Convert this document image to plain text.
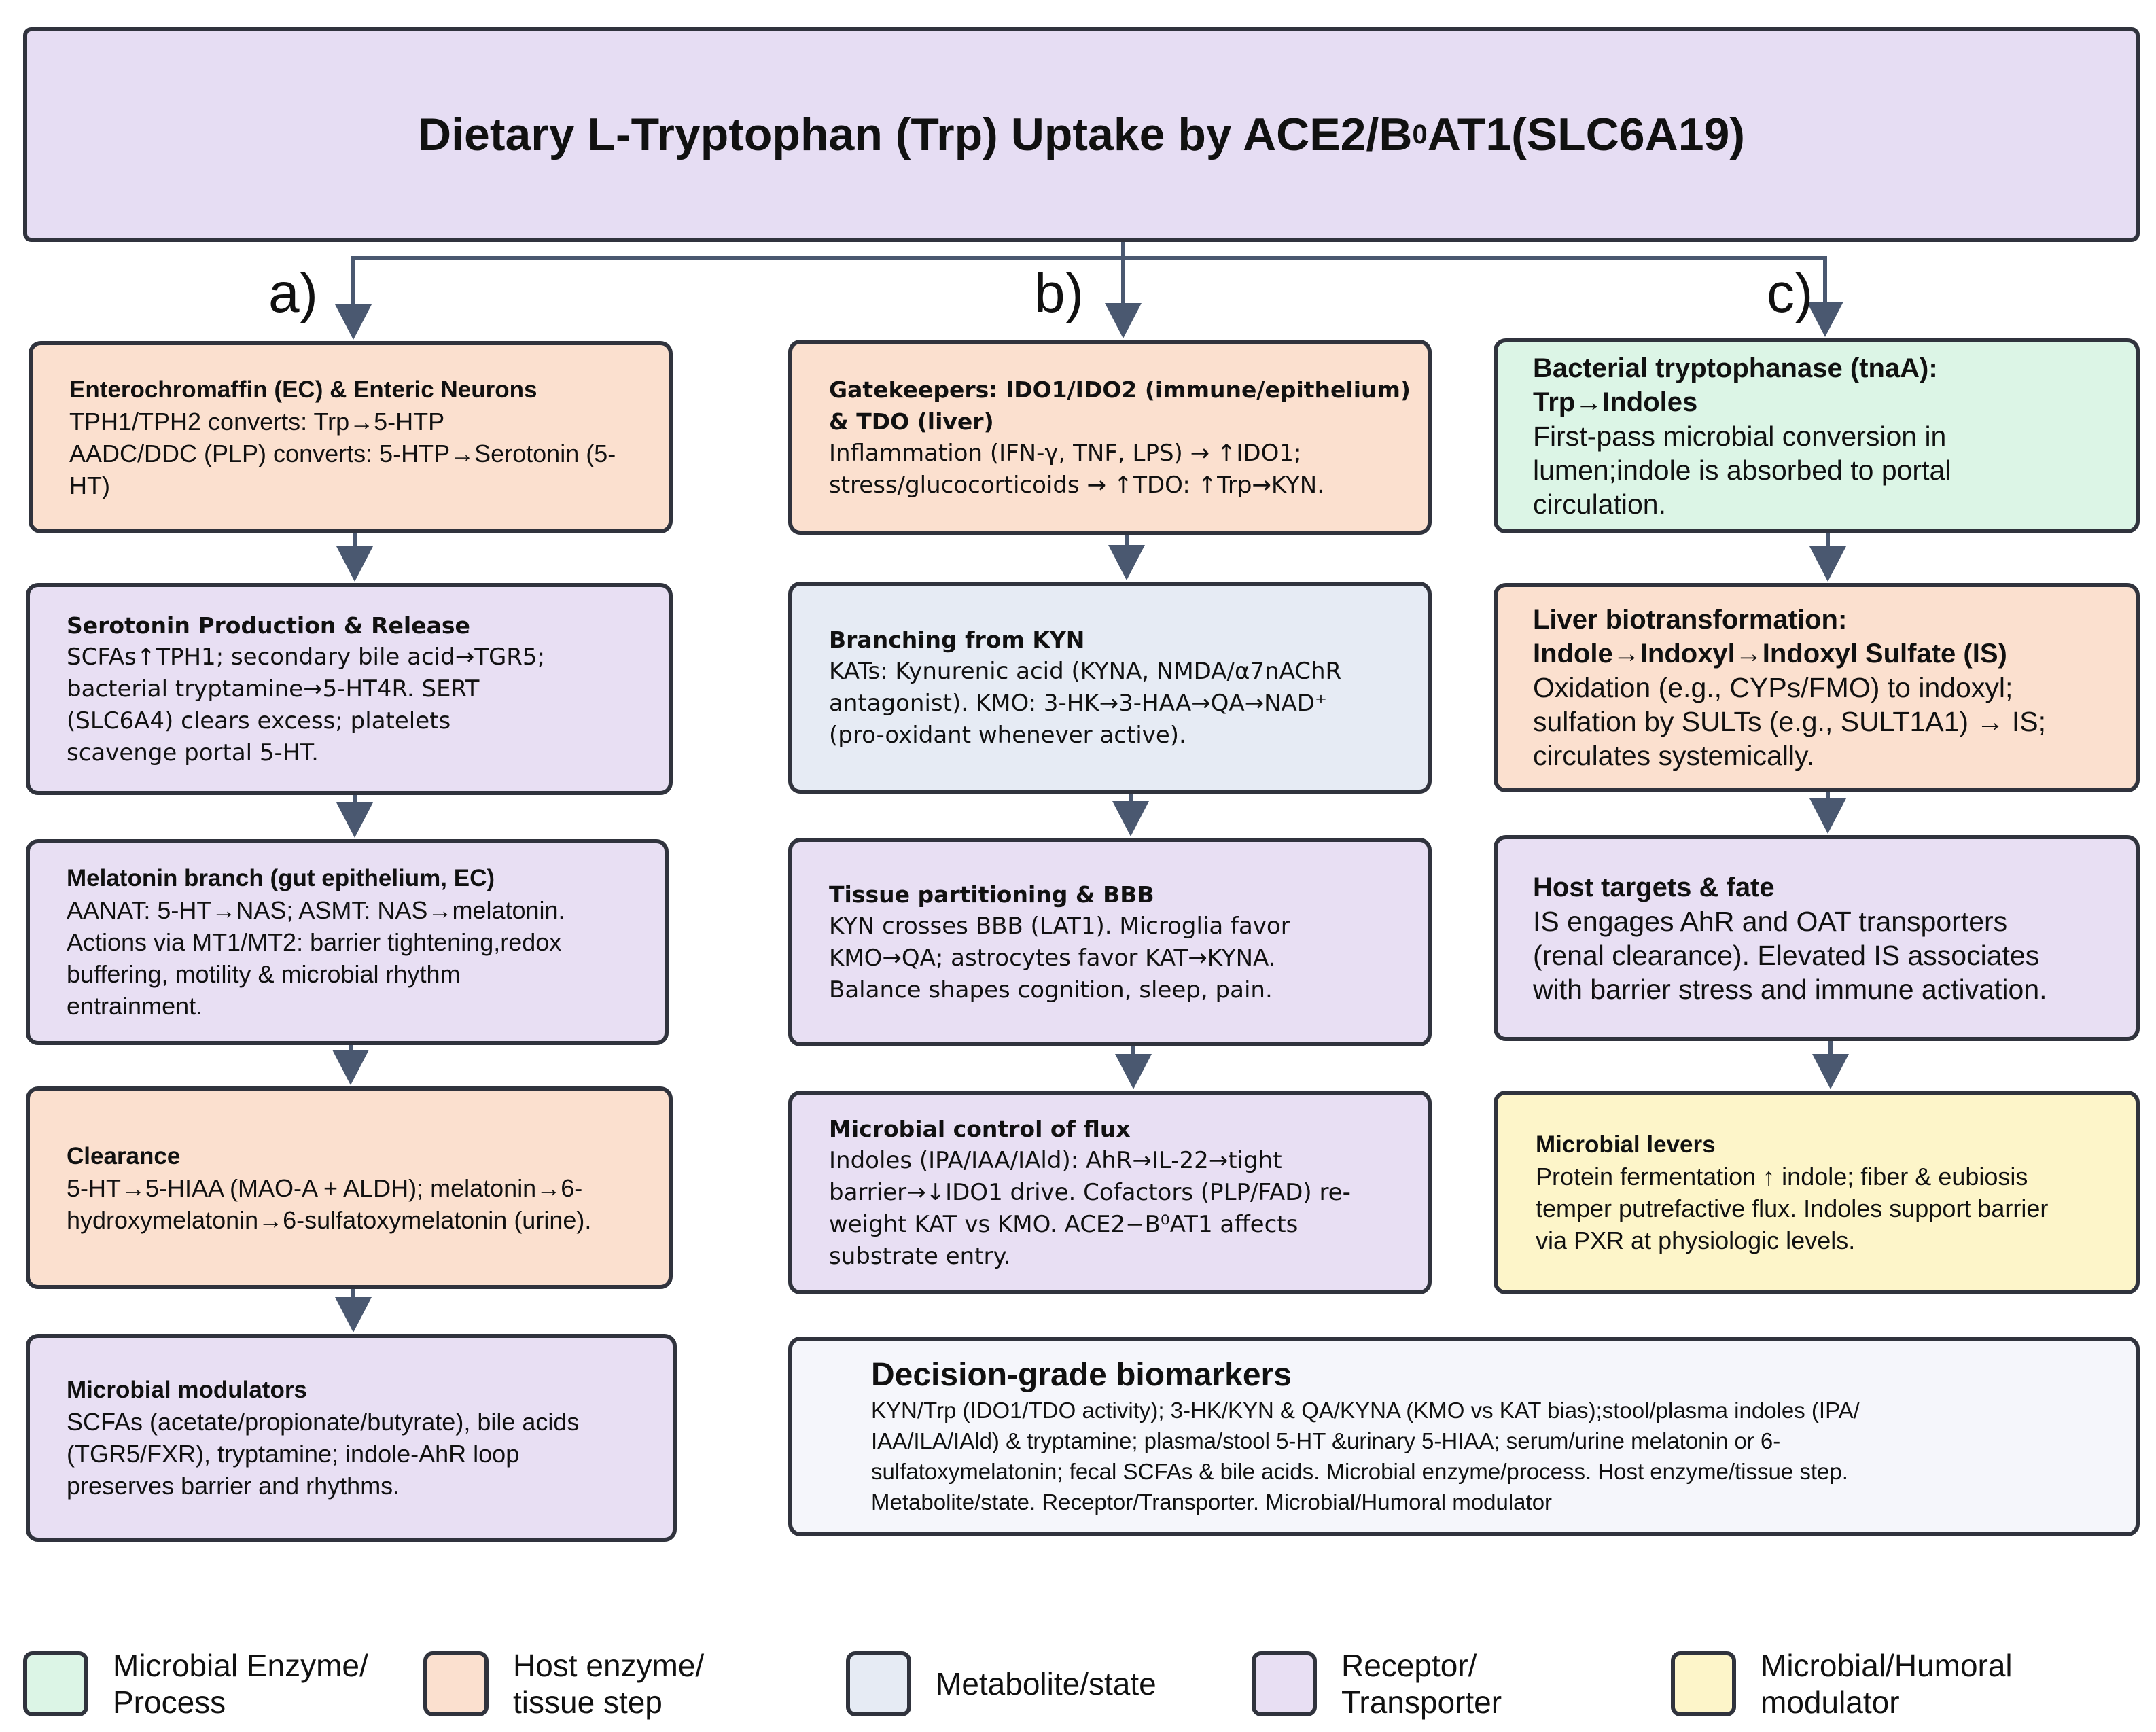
Dietary L-Tryptophan (Trp) Uptake by ACE2/B 0 AT1(SLC6A19)
a)	b)	c)
Enterochromaffin (EC) & Enteric Neurons
TPH1/TPH2 converts: Trp→5-HTP
AADC/DDC (PLP) converts: 5-HTP→Serotonin (5-
HT)
Serotonin Production & Release
SCFAs↑TPH1; secondary bile acid→TGR5;
bacterial tryptamine→5-HT4R. SERT
(SLC6A4) clears excess; platelets
scavenge portal 5-HT.
Melatonin branch (gut epithelium, EC)
AANAT: 5-HT→NAS; ASMT: NAS→melatonin.
Actions via MT1/MT2: barrier tightening,redox
buffering, motility & microbial rhythm
entrainment.
Clearance
5-HT→5-HIAA (MAO-A + ALDH); melatonin→6-
hydroxymelatonin→6-sulfatoxymelatonin (urine).
Microbial modulators
SCFAs (acetate/propionate/butyrate), bile acids
(TGR5/FXR), tryptamine; indole-AhR loop
preserves barrier and rhythms.
Gatekeepers: IDO1/IDO2 (immune/epithelium)
& TDO (liver)
Inflammation (IFN-γ, TNF, LPS) → ↑IDO1;
stress/glucocorticoids → ↑TDO: ↑Trp→KYN.
Branching from KYN
KATs: Kynurenic acid (KYNA, NMDA/α7nAChR
antagonist). KMO: 3-HK→3-HAA→QA→NAD⁺
(pro-oxidant whenever active).
Tissue partitioning & BBB
KYN crosses BBB (LAT1). Microglia favor
KMO→QA; astrocytes favor KAT→KYNA.
Balance shapes cognition, sleep, pain.
Microbial control of flux
Indoles (IPA/IAA/IAld): AhR→IL-22→tight
barrier→↓IDO1 drive. Cofactors (PLP/FAD) re-
weight KAT vs KMO. ACE2−B⁰AT1 affects
substrate entry.
Bacterial tryptophanase (tnaA):
Trp→Indoles
First-pass microbial conversion in
lumen;indole is absorbed to portal
circulation.
Liver biotransformation:
Indole→Indoxyl→Indoxyl Sulfate (IS)
Oxidation (e.g., CYPs/FMO) to indoxyl;
sulfation by SULTs (e.g., SULT1A1) → IS;
circulates systemically.
Host targets & fate
IS engages AhR and OAT transporters
(renal clearance). Elevated IS associates
with barrier stress and immune activation.
Microbial levers
Protein fermentation ↑ indole; fiber & eubiosis
temper putrefactive flux. Indoles support barrier
via PXR at physiologic levels.
Decision-grade biomarkers
KYN/Trp (IDO1/TDO activity); 3-HK/KYN & QA/KYNA (KMO vs KAT bias);stool/plasma indoles (IPA/
IAA/ILA/IAld) & tryptamine; plasma/stool 5-HT &urinary 5-HIAA; serum/urine melatonin or 6-
sulfatoxymelatonin; fecal SCFAs & bile acids. Microbial enzyme/process. Host enzyme/tissue step.
Metabolite/state. Receptor/Transporter. Microbial/Humoral modulator
Microbial Enzyme/
Process
Host enzyme/
tissue step
Metabolite/state
Receptor/
Transporter
Microbial/Humoral
modulator
